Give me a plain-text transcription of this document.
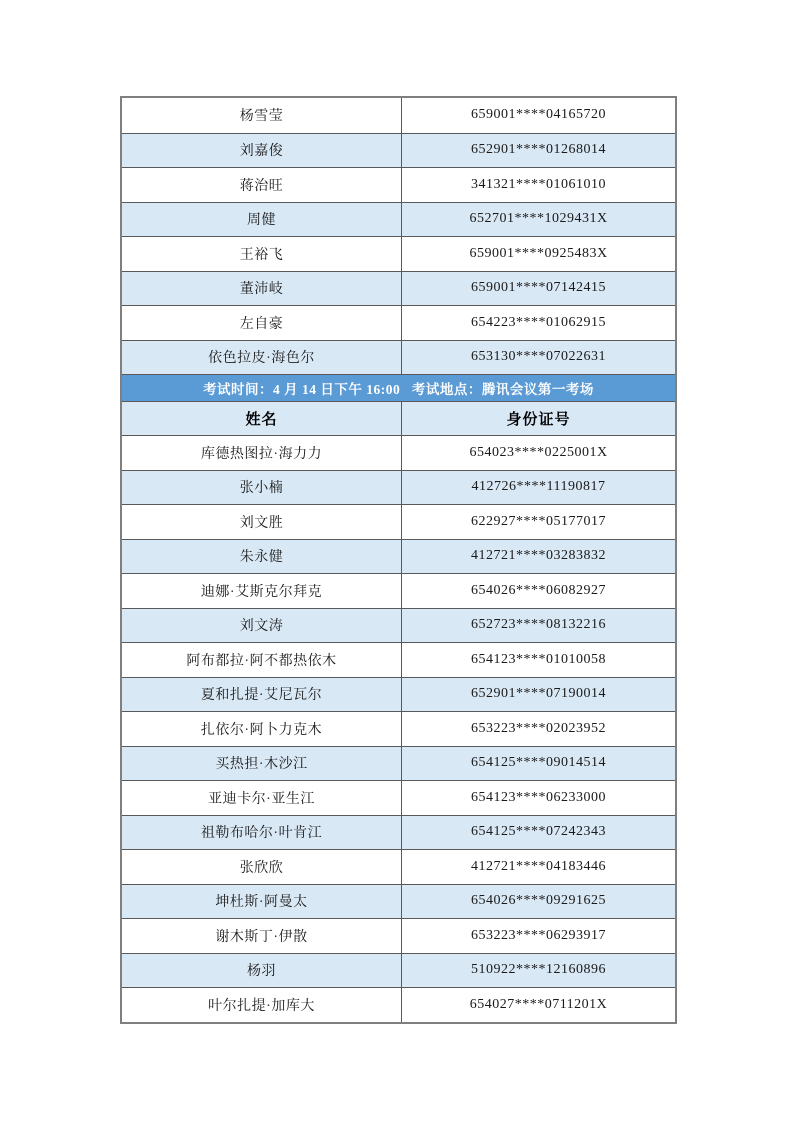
杨雪莹	659001****04165720
刘嘉俊	652901****01268014
蒋治旺	341321****01061010
周健	652701****1029431X
王裕飞	659001****0925483X
董沛岐	659001****07142415
左自豪	654223****01062915
依色拉皮·海色尔	653130****07022631
考试时间：4 月 14 日下午 16:00   考试地点：腾讯会议第一考场
姓名	身份证号
库德热图拉·海力力	654023****0225001X
张小楠	412726****11190817
刘文胜	622927****05177017
朱永健	412721****03283832
迪娜·艾斯克尔拜克	654026****06082927
刘文涛	652723****08132216
阿布都拉·阿不都热依木	654123****01010058
夏和扎提·艾尼瓦尔	652901****07190014
扎依尔·阿卜力克木	653223****02023952
买热担·木沙江	654125****09014514
亚迪卡尔·亚生江	654123****06233000
祖勒布哈尔·叶肯江	654125****07242343
张欣欣	412721****04183446
坤杜斯·阿曼太	654026****09291625
谢木斯丁·伊散	653223****06293917
杨羽	510922****12160896
叶尔扎提·加库大	654027****0711201X
